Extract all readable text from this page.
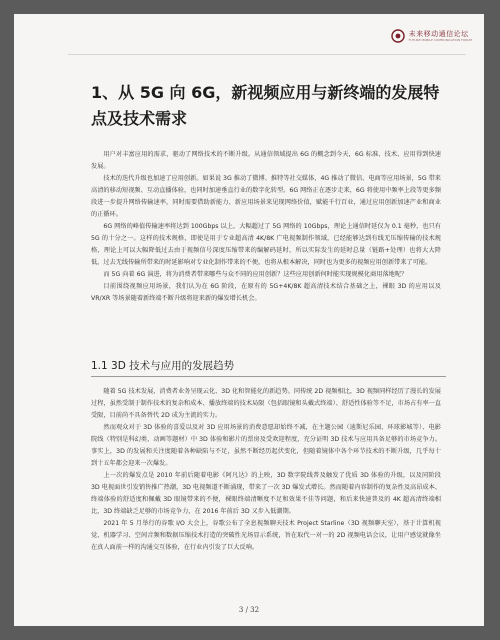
未来移动通信论坛
FUTURE MOBILE COMMUNICATION FORUM
1、从 5G 向 6G，新视频应用与新终端的发展特点及技术需求

用户对丰富应用的需求，驱动了网络技术的不断升级。从通信领域提出 6G 的概念到今天，6G 标准、技术、应用得到快速发展。

技术的迭代升级也加速了应用创新。如果说 3G 推动了微博、推特等社交媒体，4G 推动了微信、电商等应用场景，5G 带来高清的移动短视频、互动直播体验，也同时加速垂直行业的数字化转型。6G 网络正在逐步走来，6G 将使用中频率上段等更多频段进一步提升网络传输速率，同时需要借助新能力、新应用场景来见现网络价值，赋能千行百业，通过应用创新加速产业和商业的正循环。

6G 网络的峰值传输速率将达到 100Gbps 以上，大幅超过了 5G 网络的 10Gbps，理论上通信时延仅为 0.1 毫秒，也只有 5G 的十分之一。这样的技术规格，即使是用于专业超高清 4K/8K 广电视频制作领域，已经能够达到有线无压缩传输的技术规格，理论上可以大幅降低过去由于视频信号深度压缩带来的编解码延时，所以实际发生的延时总量（链路+处理）也将大大降低，过去无线传输所带来的时延影响对专业化制作带来的不便，也将从根本解决，同时也为更多的视频应用创新带来了可能。

而 5G 向着 6G 演进，将为消费者带来哪些与众不同的应用创新？这些应用创新何时能实现规模化商用落地呢？

目前围绕视频应用场景，我们认为在 6G 阶段，在原有的 5G+4K/8K 超高清技术结合基础之上，裸眼 3D 的应用以及 VR/XR 等场景随着新终端不断升级将迎来新的爆发增长机会。

1.1 3D 技术与应用的发展趋势

随着 5G 技术发展，消费者业务呈现云化、3D 化和智能化的新趋势。同传统 2D 视频相比，3D 视频同样经历了漫长的发展过程，虽然受制于制作技术的复杂和成本、播放终端的技术局限（包括眼镜和头戴式终端）、舒适性体验等不足，市场占有率一直受限，目前尚不具备替代 2D 成为主流的实力。

然而观众对于 3D 体验的喜爱以及对 3D 应用场景的消费意愿却始终不减，在主题公园（迪斯尼乐园、环球影城等）、电影院线（特别是科幻类、动画等题材）中 3D 体验和影片的票房及受欢迎程度，充分证明 3D 技术与应用具备足够的市场竞争力。事实上，3D 的发展和关注度随着各种缺陷与不足，虽然不断经历起伏变化，但随着镜体中各个环节技术的不断升级，几乎每十到十五年都会迎来一次爆发。

上一次的爆发点是 2010 年前后随着电影《阿凡达》的上映，3D 数字院线普及触发了优质 3D 体验的升级，以及同阶段 3D 电视面世引发销售推广热潮，3D 电视频道不断涌现，带来了一次 3D 爆发式增长。然而随着内容制作的复杂性及高昂成本、终端体验的舒适度和佩戴 3D 眼镜带来的不便，裸眼终端清晰度不足和效果不佳等问题，和后来快速普及的 4K 超高清终端相比，3D 终端缺乏足够的市场竞争力，在 2016 年前后 3D 又步入低潮期。

2021 年 5 月举行的谷歌 I/O 大会上，谷歌公布了全息视频聊天技术 Project Starline（3D 视频聊天室），基于计算机视觉、机器学习、空间音频和数据压缩技术打造的突破性光场显示系统，旨在取代一对一的 2D 视频电话会议，让用户感觉就像坐在真人面前一样的沟通交互体验，在行业内引发了巨大反响。

3 / 32
